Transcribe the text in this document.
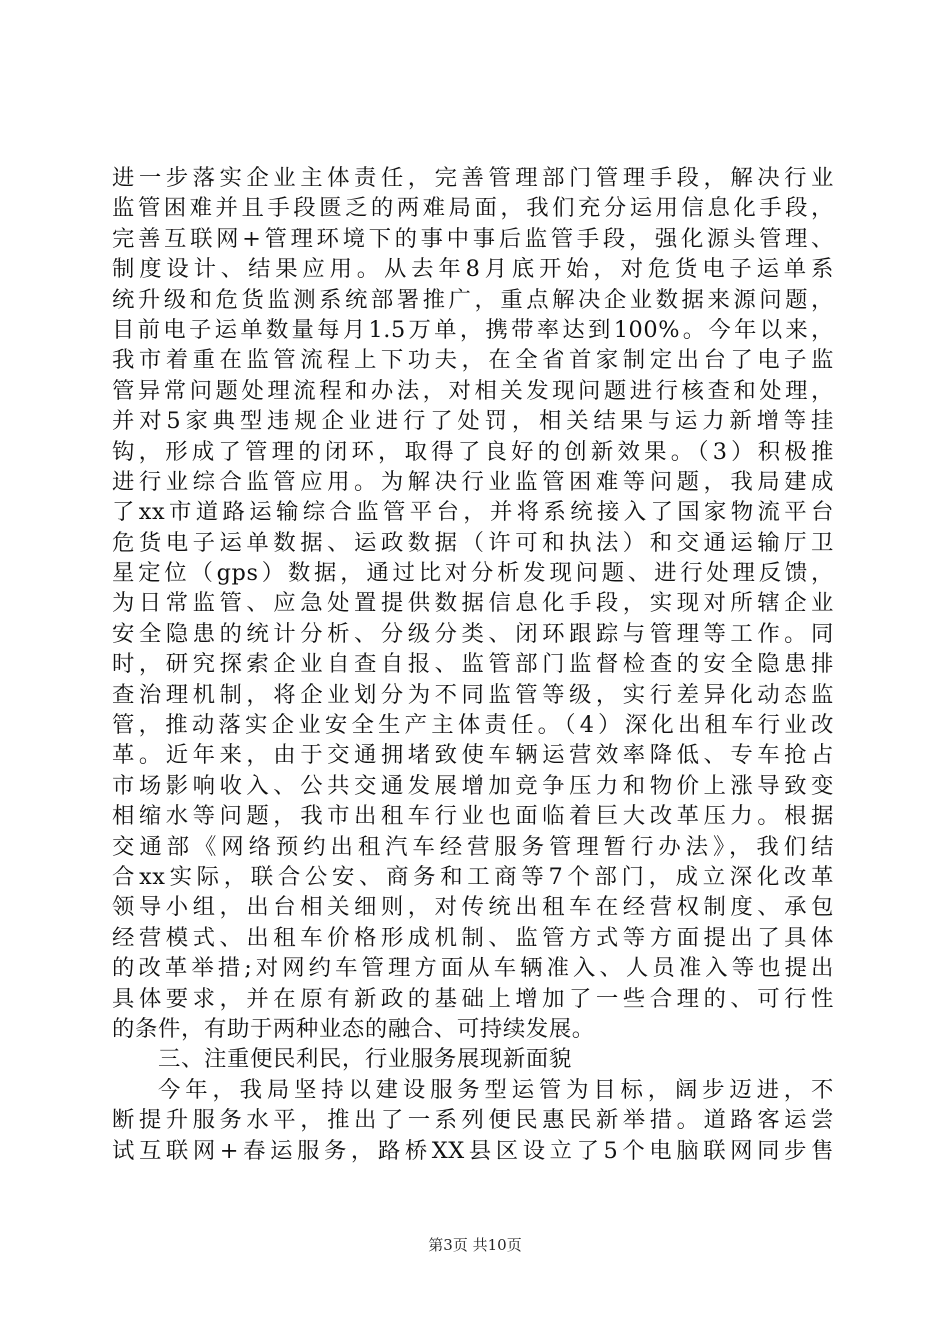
进一步落实企业主体责任，完善管理部门管理手段，解决行业
监管困难并且手段匮乏的两难局面，我们充分运用信息化手段，
完善互联网+管理环境下的事中事后监管手段，强化源头管理、
制度设计、结果应用。从去年8月底开始，对危货电子运单系
统升级和危货监测系统部署推广，重点解决企业数据来源问题，
目前电子运单数量每月1.5万单，携带率达到100%。今年以来，
我市着重在监管流程上下功夫，在全省首家制定出台了电子监
管异常问题处理流程和办法，对相关发现问题进行核查和处理，
并对5家典型违规企业进行了处罚，相关结果与运力新增等挂
钩，形成了管理的闭环，取得了良好的创新效果。（3）积极推
进行业综合监管应用。为解决行业监管困难等问题，我局建成
了xx市道路运输综合监管平台，并将系统接入了国家物流平台
危货电子运单数据、运政数据（许可和执法）和交通运输厅卫
星定位（gps）数据，通过比对分析发现问题、进行处理反馈，
为日常监管、应急处置提供数据信息化手段，实现对所辖企业
安全隐患的统计分析、分级分类、闭环跟踪与管理等工作。同
时，研究探索企业自查自报、监管部门监督检查的安全隐患排
查治理机制，将企业划分为不同监管等级，实行差异化动态监
管，推动落实企业安全生产主体责任。（4）深化出租车行业改
革。近年来，由于交通拥堵致使车辆运营效率降低、专车抢占
市场影响收入、公共交通发展增加竞争压力和物价上涨导致变
相缩水等问题，我市出租车行业也面临着巨大改革压力。根据
交通部《网络预约出租汽车经营服务管理暂行办法》，我们结
合xx实际，联合公安、商务和工商等7个部门，成立深化改革
领导小组，出台相关细则，对传统出租车在经营权制度、承包
经营模式、出租车价格形成机制、监管方式等方面提出了具体
的改革举措;对网约车管理方面从车辆准入、人员准入等也提出
具体要求，并在原有新政的基础上增加了一些合理的、可行性
的条件，有助于两种业态的融合、可持续发展。
三、注重便民利民，行业服务展现新面貌
今年，我局坚持以建设服务型运管为目标，阔步迈进，不
断提升服务水平，推出了一系列便民惠民新举措。道路客运尝
试互联网+春运服务，路桥XX县区设立了5个电脑联网同步售
第3页 共10页
